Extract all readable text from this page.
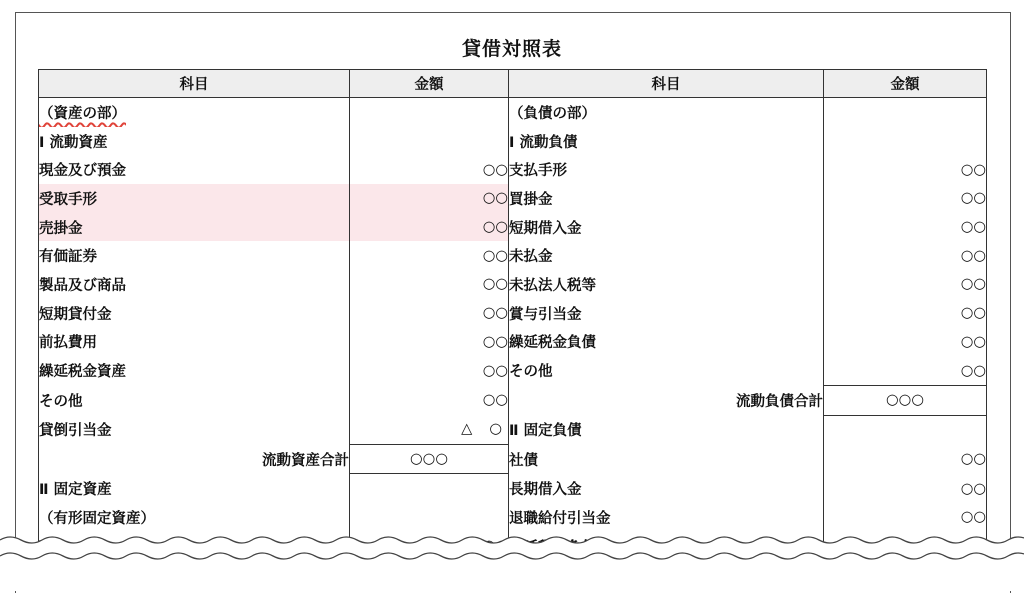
貸借対照表
科目	金額	科目	金額
（資産の部）		（負債の部）	
Ⅰ 流動資産		Ⅰ 流動負債	
現金及び預金	○○	支払手形	○○
受取手形	○○	買掛金	○○
売掛金	○○	短期借入金	○○
有価証券	○○	未払金	○○
製品及び商品	○○	未払法人税等	○○
短期貸付金	○○	賞与引当金	○○
前払費用	○○	繰延税金負債	○○
繰延税金資産	○○	その他	○○
その他	○○	流動負債合計	○○○
貸倒引当金	△ ○	Ⅱ 固定負債	
流動資産合計	○○○	社債	○○
Ⅱ 固定資産		長期借入金	○○
（有形固定資産）		退職給付引当金	○○
